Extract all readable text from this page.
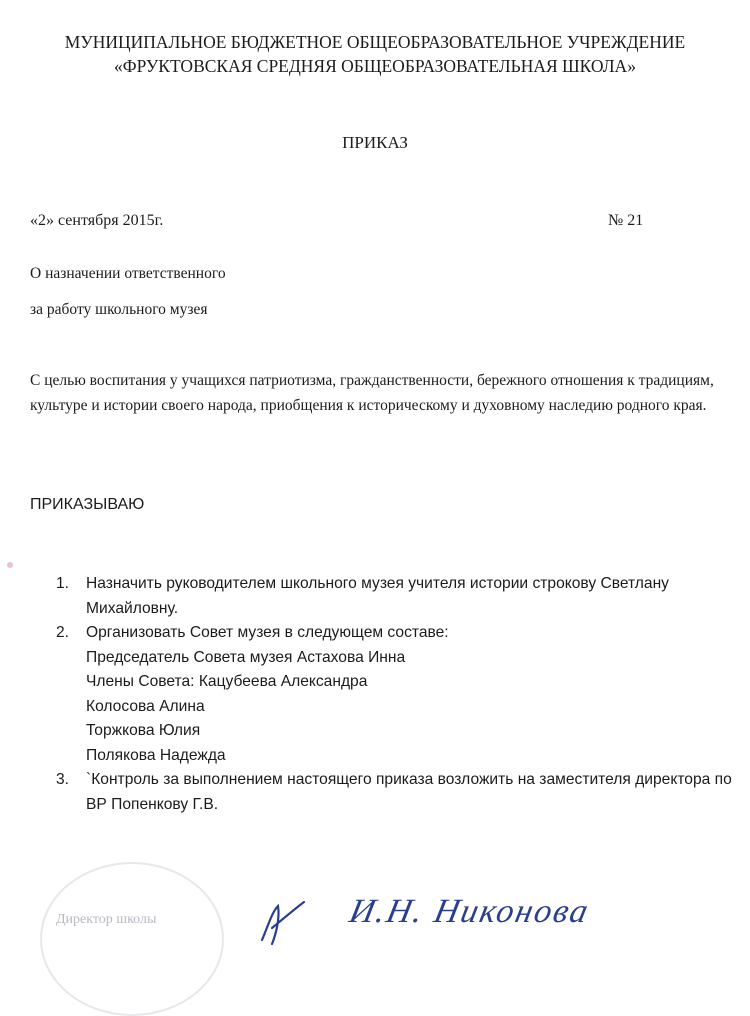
МУНИЦИПАЛЬНОЕ БЮДЖЕТНОЕ ОБЩЕОБРАЗОВАТЕЛЬНОЕ УЧРЕЖДЕНИЕ
«ФРУКТОВСКАЯ СРЕДНЯЯ ОБЩЕОБРАЗОВАТЕЛЬНАЯ ШКОЛА»
ПРИКАЗ
«2» сентября 2015г.	№ 21
О назначении ответственного
за работу школьного музея
С целью воспитания у учащихся патриотизма, гражданственности, бережного отношения к традициям, культуре и истории своего народа, приобщения к историческому и духовному наследию родного края.
ПРИКАЗЫВАЮ
1.	Назначить руководителем школьного музея учителя истории строкову Светлану Михайловну.
2.	Организовать Совет музея в следующем составе:
Председатель Совета музея Астахова Инна
Члены Совета: Кацубеева Александра
Колосова Алина
Торжкова Юлия
Полякова Надежда
3.	`Контроль за выполнением настоящего приказа возложить на заместителя директора по ВР Попенкову Г.В.
Директор школы	И.Н. Никонова
